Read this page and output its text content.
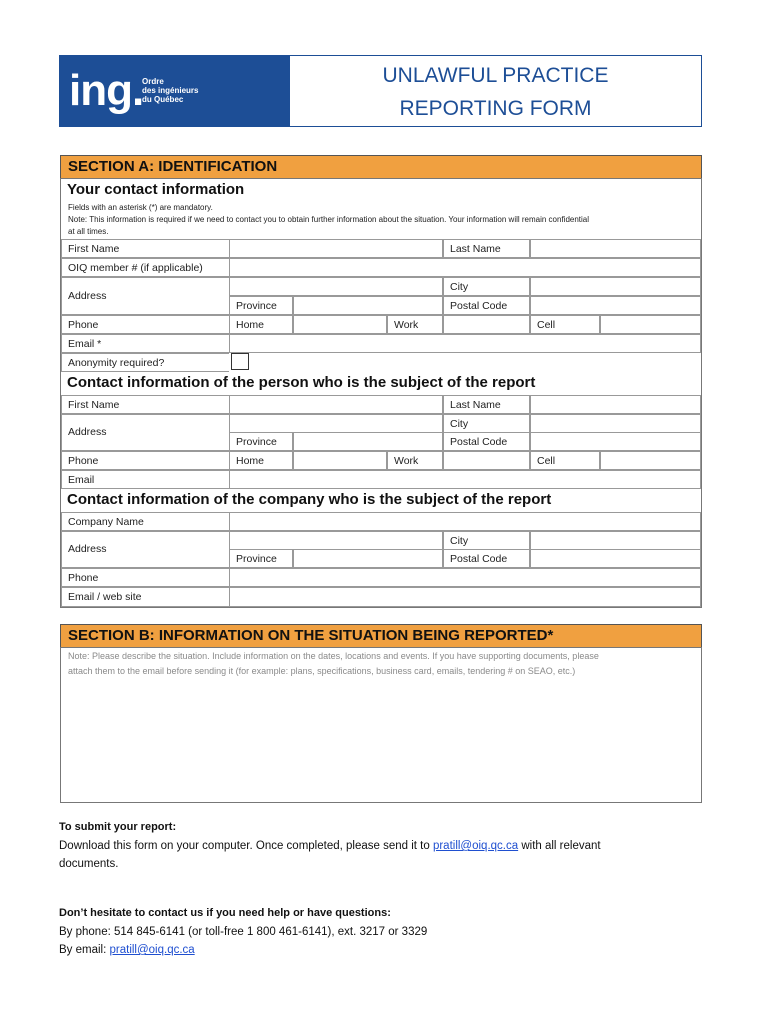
ing.
Ordre
des ingénieurs
du Québec
UNLAWFUL PRACTICE
REPORTING FORM
SECTION A: IDENTIFICATION
Your contact information
Fields with an asterisk (*) are mandatory.
Note: This information is required if we need to contact you to obtain further information about the situation. Your information will remain confidential
at all times.
First Name	Last Name
OIQ member # (if applicable)
Address
City
Province	Postal Code
Phone	Home	Work	Cell
Email *
Anonymity required?
Contact information of the person who is the subject of the report
First Name	Last Name
Address
City
Province	Postal Code
Phone	Home	Work	Cell
Email
Contact information of the company who is the subject of the report
Company Name
Address
City
Province	Postal Code
Phone
Email / web site
SECTION B: INFORMATION ON THE SITUATION BEING REPORTED*
Note: Please describe the situation. Include information on the dates, locations and events. If you have supporting documents, please
attach them to the email before sending it (for example: plans, specifications, business card, emails, tendering # on SEAO, etc.)
To submit your report:
Download this form on your computer. Once completed, please send it to pratill@oiq.qc.ca with all relevant
documents.
Don’t hesitate to contact us if you need help or have questions:
By phone: 514 845-6141 (or toll-free 1 800 461-6141), ext. 3217 or 3329
By email: pratill@oiq.qc.ca
